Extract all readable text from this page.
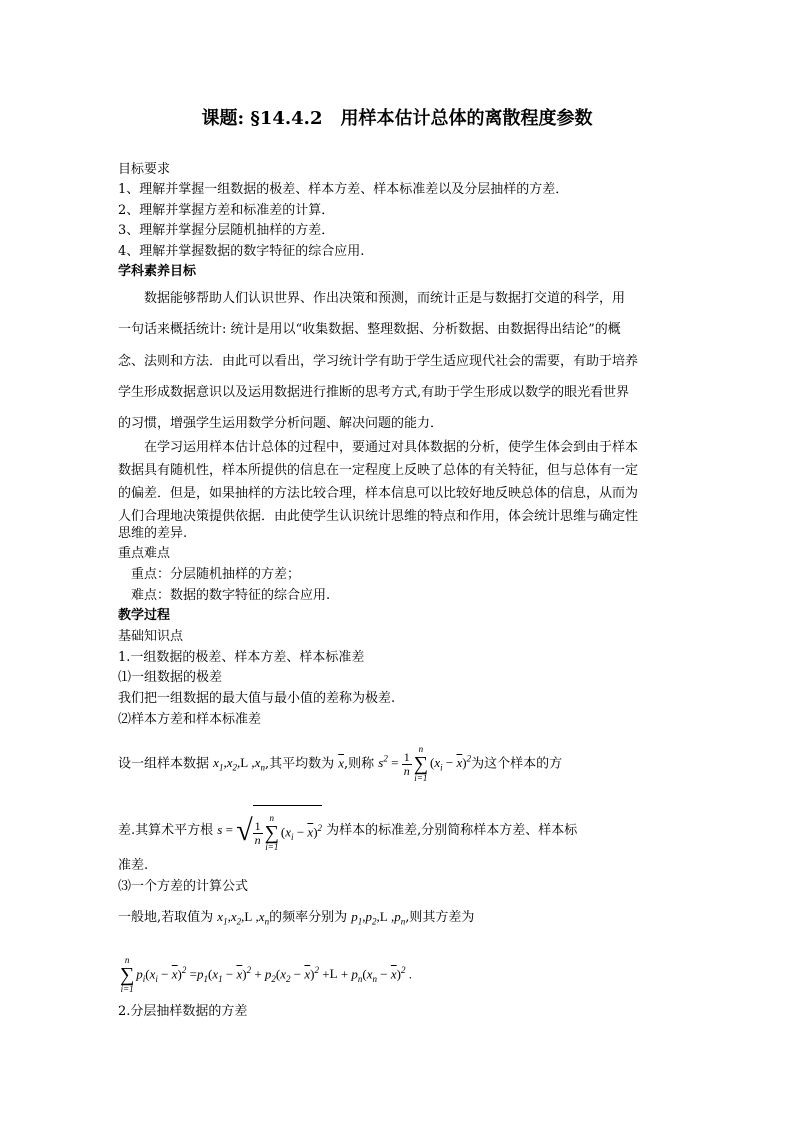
课题: §14.4.2　用样本估计总体的离散程度参数
目标要求
1、理解并掌握一组数据的极差、样本方差、样本标准差以及分层抽样的方差．
2、理解并掌握方差和标准差的计算．
3、理解并掌握分层随机抽样的方差．
4、理解并掌握数据的数字特征的综合应用.
学科素养目标
　　数据能够帮助人们认识世界、作出决策和预测，而统计正是与数据打交道的科学，用
一句话来概括统计: 统计是用以“收集数据、整理数据、分析数据、由数据得出结论”的概
念、法则和方法．由此可以看出，学习统计学有助于学生适应现代社会的需要，有助于培养
学生形成数据意识以及运用数据进行推断的思考方式,有助于学生形成以数学的眼光看世界
的习惯，增强学生运用数学分析问题、解决问题的能力．
　　在学习运用样本估计总体的过程中，要通过对具体数据的分析，使学生体会到由于样本
数据具有随机性，样本所提供的信息在一定程度上反映了总体的有关特征，但与总体有一定
的偏差．但是，如果抽样的方法比较合理，样本信息可以比较好地反映总体的信息，从而为
人们合理地决策提供依据．由此使学生认识统计思维的特点和作用，体会统计思维与确定性
思维的差异.
重点难点
　重点：分层随机抽样的方差；
　难点：数据的数字特征的综合应用.
教学过程
基础知识点
1.一组数据的极差、样本方差、样本标准差
⑴一组数据的极差
我们把一组数据的最大值与最小值的差称为极差.
⑵样本方差和样本标准差
设一组样本数据 $x_1,x_2,L$ $,x_n$,其平均数为 $\overline{x}$,则称 $s^2 = \frac{1}{n}$
n
∑
$i=1(x_i - \overline{x})^2$为这个样本的方
差.其算术平方根 s = √ $\frac{1}{n}$
n
∑
$i=1(x_i - \overline{x})^2$ 为样本的标准差,分别简称样本方差、样本标
准差.
⑶一个方差的计算公式
一般地,若取值为 $x_1,x_2,L$ $,x_n$的频率分别为 $p_1,p_2,L$ $,p_n$,则其方差为
n
∑
$i=1p_i(x_i - \overline{x})^2 =p_1(x_1 - \overline{x})^2 + p_2(x_2 - \overline{x})^2 +L + p_n(x_n - \overline{x})^2$ .
2.分层抽样数据的方差
